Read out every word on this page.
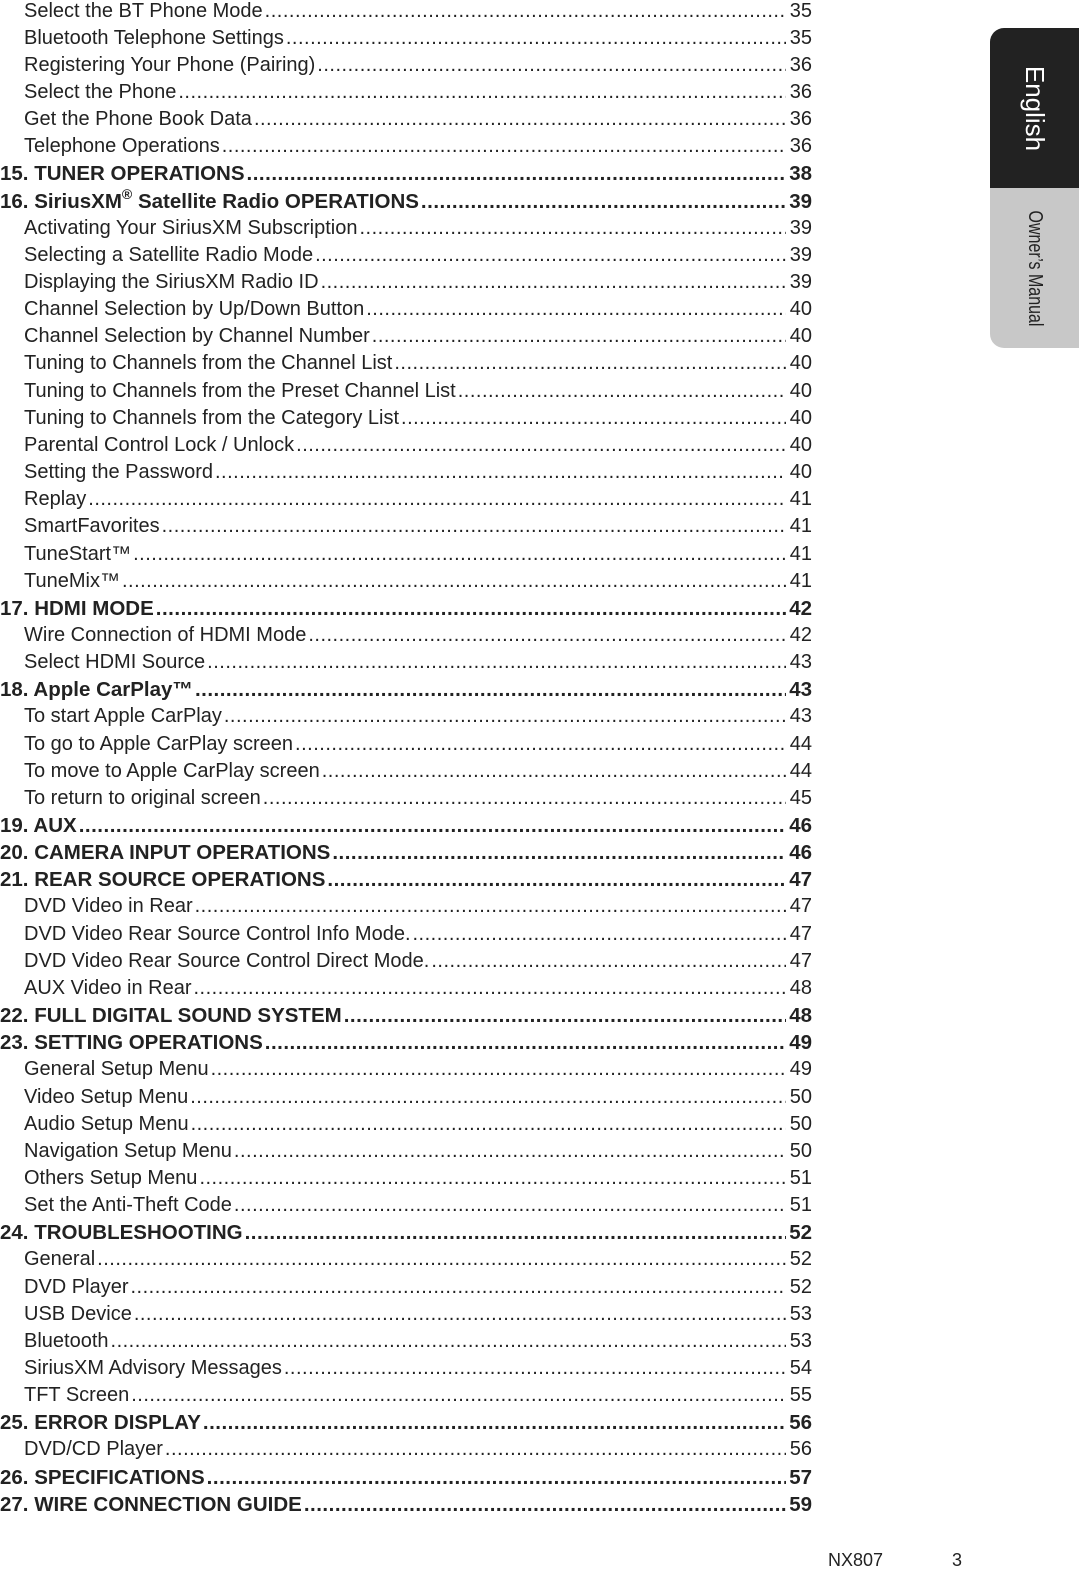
Select the BT Phone Mode .....	35
Bluetooth Telephone Settings .....	35
Registering Your Phone (Pairing) .....	36
Select the Phone .....	36
Get the Phone Book Data .....	36
Telephone Operations .....	36
15. TUNER OPERATIONS .....	38
16. SiriusXM® Satellite Radio OPERATIONS .....	39
Activating Your SiriusXM Subscription .....	39
Selecting a Satellite Radio Mode .....	39
Displaying the SiriusXM Radio ID .....	39
Channel Selection by Up/Down Button .....	40
Channel Selection by Channel Number .....	40
Tuning to Channels from the Channel List .....	40
Tuning to Channels from the Preset Channel List .....	40
Tuning to Channels from the Category List .....	40
Parental Control Lock / Unlock .....	40
Setting the Password .....	40
Replay .....	41
SmartFavorites .....	41
TuneStart™ .....	41
TuneMix™ .....	41
17. HDMI MODE .....	42
Wire Connection of HDMI Mode .....	42
Select HDMI Source .....	43
18. Apple CarPlay™ .....	43
To start Apple CarPlay .....	43
To go to Apple CarPlay screen .....	44
To move to Apple CarPlay screen .....	44
To return to original screen .....	45
19. AUX .....	46
20. CAMERA INPUT OPERATIONS .....	46
21. REAR SOURCE OPERATIONS .....	47
DVD Video in Rear .....	47
DVD Video Rear Source Control Info Mode. .....	47
DVD Video Rear Source Control Direct Mode. .....	47
AUX Video in Rear .....	48
22. FULL DIGITAL SOUND SYSTEM .....	48
23. SETTING OPERATIONS .....	49
General Setup Menu .....	49
Video Setup Menu .....	50
Audio Setup Menu .....	50
Navigation Setup Menu .....	50
Others Setup Menu .....	51
Set the Anti-Theft Code .....	51
24. TROUBLESHOOTING .....	52
General .....	52
DVD Player .....	52
USB Device .....	53
Bluetooth .....	53
SiriusXM Advisory Messages .....	54
TFT Screen .....	55
25. ERROR DISPLAY .....	56
DVD/CD Player .....	56
26. SPECIFICATIONS .....	57
27. WIRE CONNECTION GUIDE .....	59
English
Owner’s Manual
NX807	3
